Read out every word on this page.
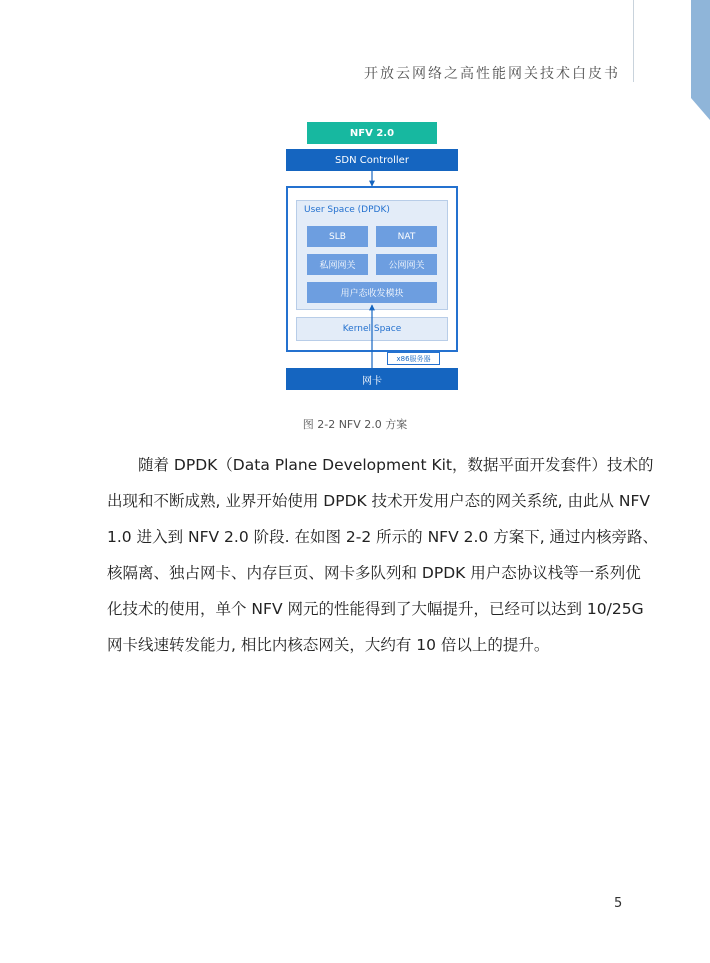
开放云网络之高性能网关技术白皮书
NFV 2.0
SDN Controller
User Space (DPDK)
SLB	NAT
私网网关	公网网关
用户态收发模块
Kernel Space
x86服务器
网卡
图 2-2 NFV 2.0 方案
随着 DPDK（Data Plane Development Kit，数据平面开发套件）技术的
出现和不断成熟, 业界开始使用 DPDK 技术开发用户态的网关系统, 由此从 NFV
1.0 进入到 NFV 2.0 阶段. 在如图 2-2 所示的 NFV 2.0 方案下, 通过内核旁路、
核隔离、独占网卡、内存巨页、网卡多队列和 DPDK 用户态协议栈等一系列优
化技术的使用，单个 NFV 网元的性能得到了大幅提升，已经可以达到 10/25G
网卡线速转发能力, 相比内核态网关，大约有 10 倍以上的提升。
5
